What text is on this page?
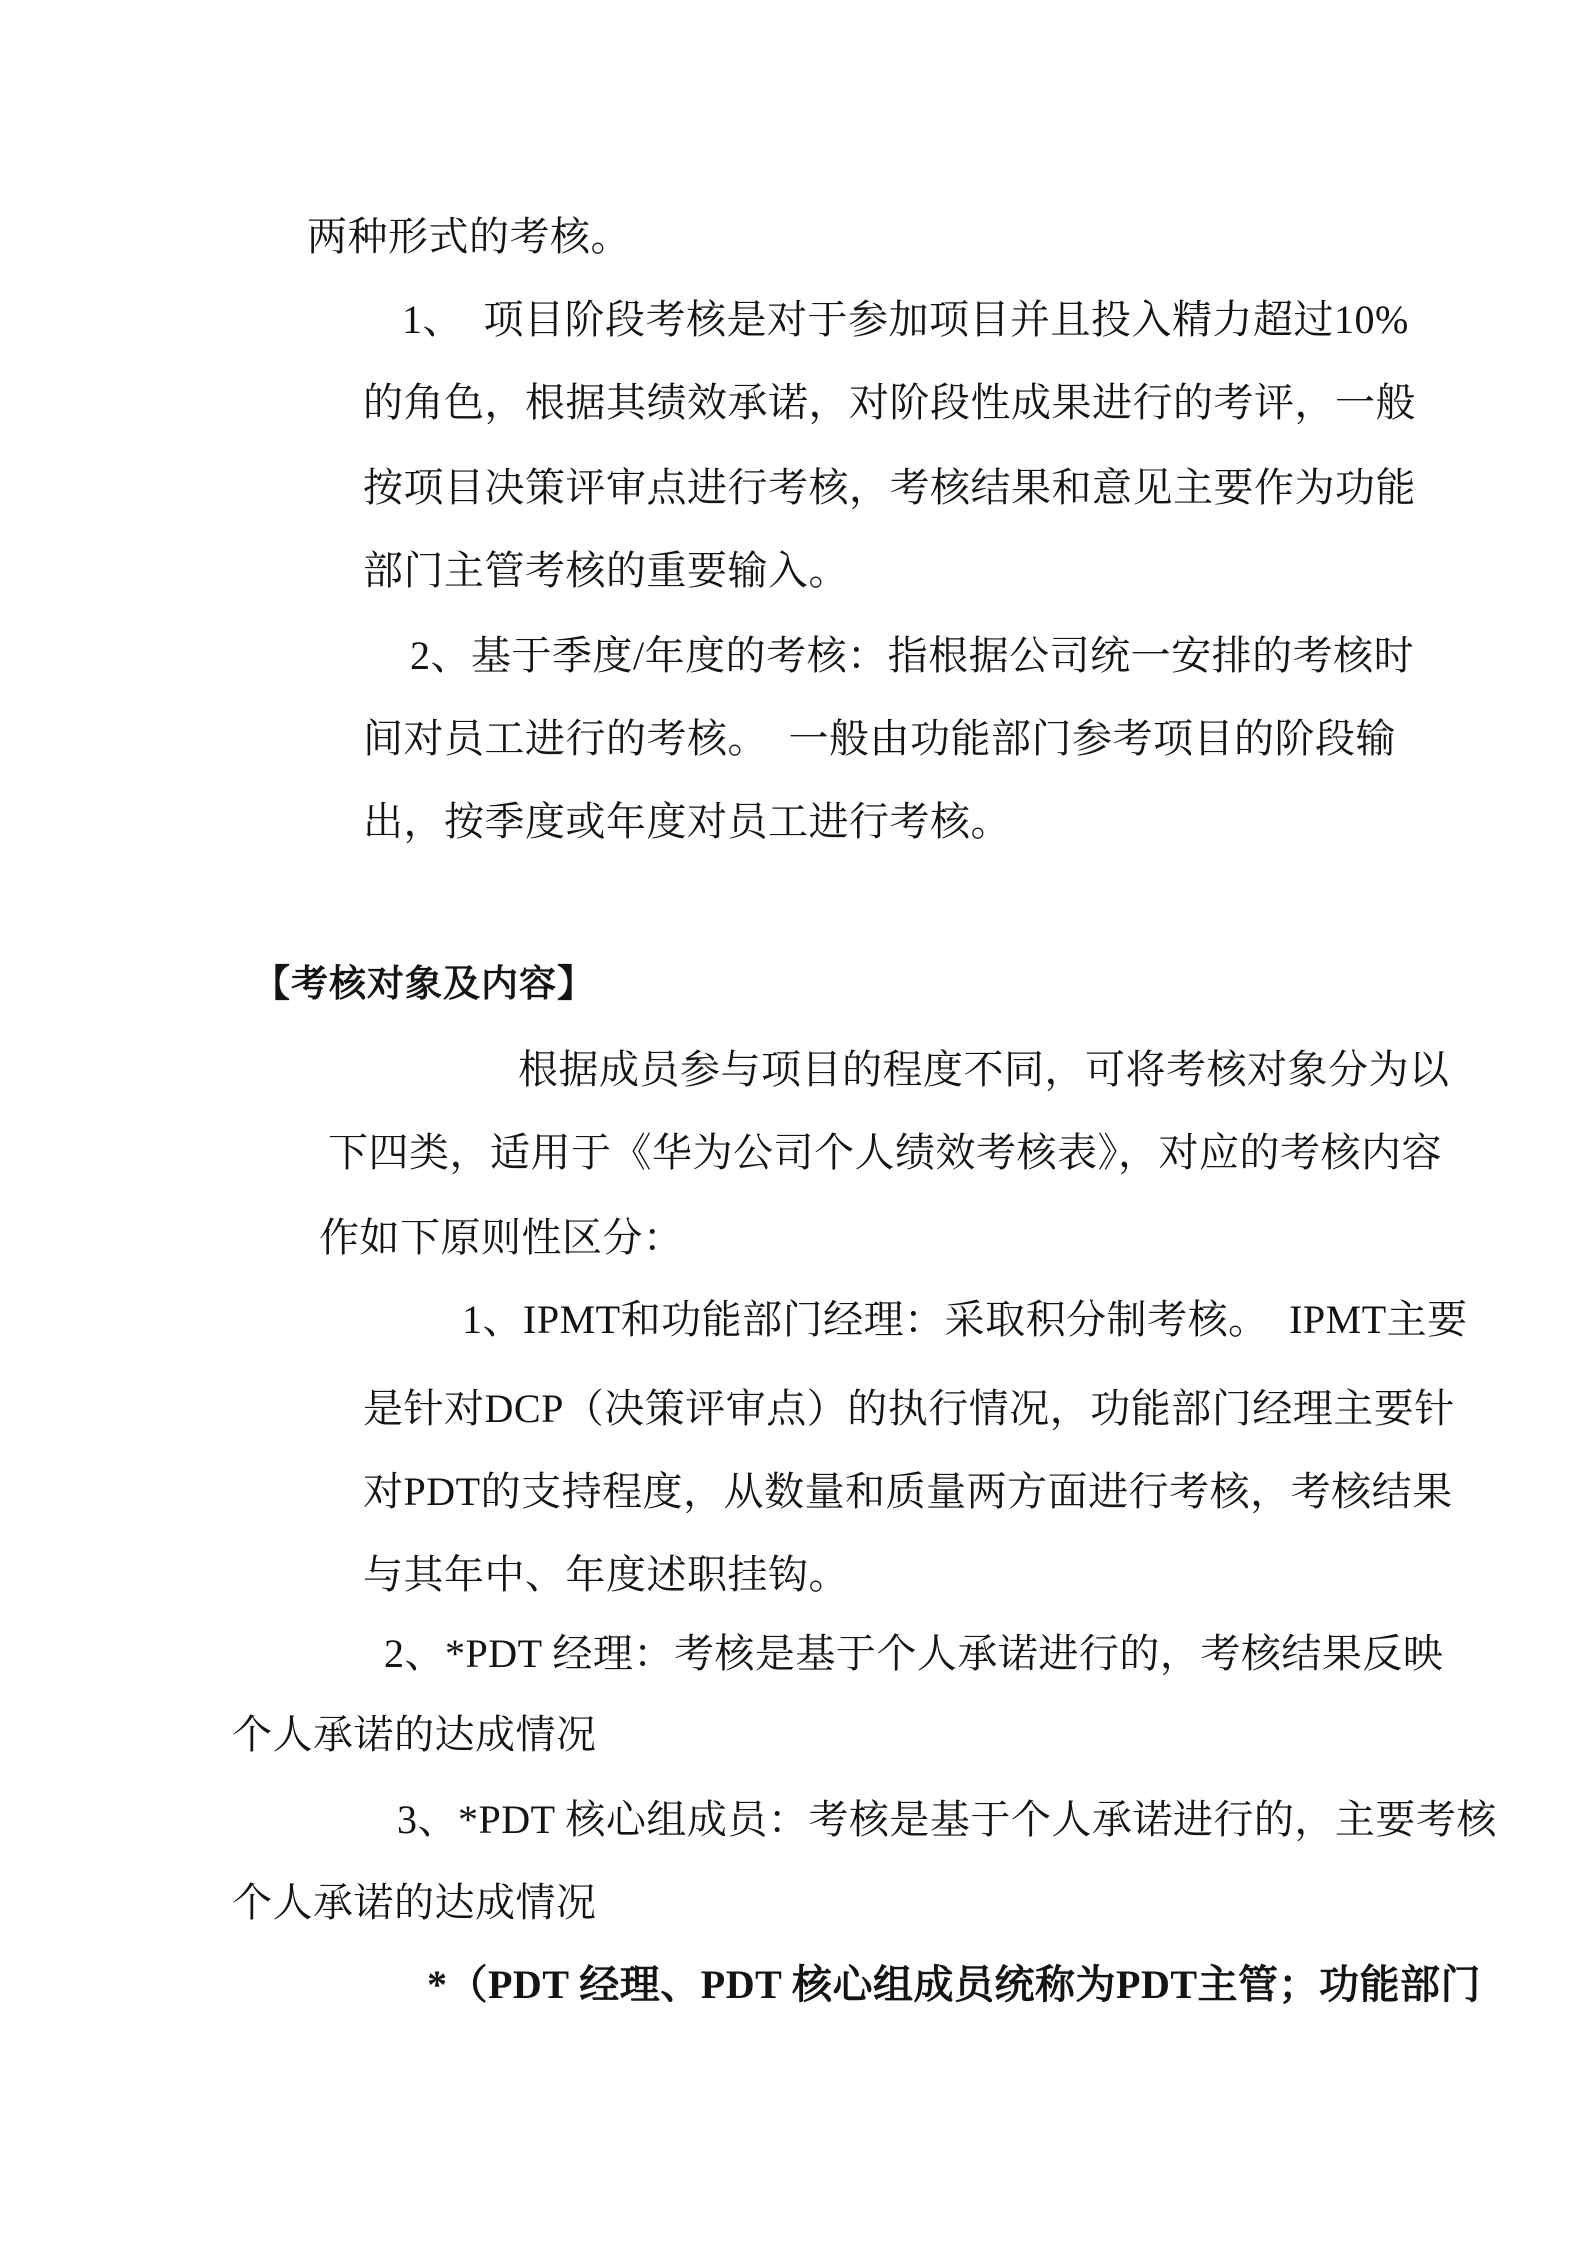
两种形式的考核。
1、　项目阶段考核是对于参加项目并且投入精力超过10%
的角色，根据其绩效承诺，对阶段性成果进行的考评，一般
按项目决策评审点进行考核，考核结果和意见主要作为功能
部门主管考核的重要输入。
2、基于季度/年度的考核：指根据公司统一安排的考核时
间对员工进行的考核。　一般由功能部门参考项目的阶段输
出，按季度或年度对员工进行考核。
【考核对象及内容】
根据成员参与项目的程度不同，可将考核对象分为以
下四类，适用于《华为公司个人绩效考核表》，对应的考核内容
作如下原则性区分：
1、IPMT和功能部门经理：采取积分制考核。　IPMT主要
是针对DCP（决策评审点）的执行情况，功能部门经理主要针
对PDT的支持程度，从数量和质量两方面进行考核，考核结果
与其年中、年度述职挂钩。
2、*PDT 经理：考核是基于个人承诺进行的，考核结果反映
个人承诺的达成情况
3、*PDT 核心组成员：考核是基于个人承诺进行的，主要考核
个人承诺的达成情况
*（PDT 经理、PDT 核心组成员统称为PDT主管；功能部门
